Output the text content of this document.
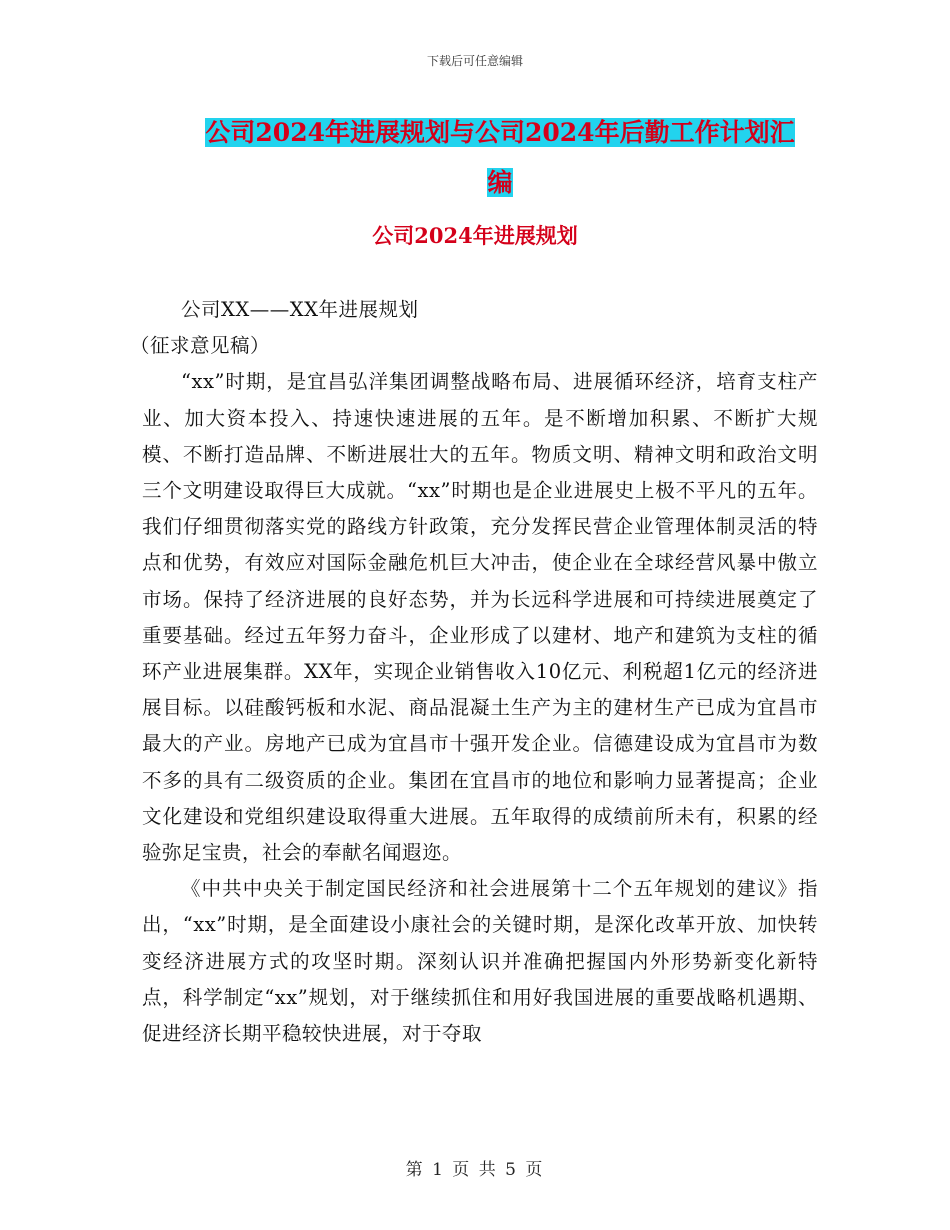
下载后可任意编辑
公司2024年进展规划与公司2024年后勤工作计划汇
编
公司2024年进展规划

公司XX——XX年进展规划

（征求意见稿）

“xx”时期，是宜昌弘洋集团调整战略布局、进展循环经济，培育支柱产业、加大资本投入、持速快速进展的五年。是不断增加积累、不断扩大规模、不断打造品牌、不断进展壮大的五年。物质文明、精神文明和政治文明三个文明建设取得巨大成就。“xx”时期也是企业进展史上极不平凡的五年。我们仔细贯彻落实党的路线方针政策，充分发挥民营企业管理体制灵活的特点和优势，有效应对国际金融危机巨大冲击，使企业在全球经营风暴中傲立市场。保持了经济进展的良好态势，并为长远科学进展和可持续进展奠定了重要基础。经过五年努力奋斗，企业形成了以建材、地产和建筑为支柱的循环产业进展集群。XX年，实现企业销售收入10亿元、利税超1亿元的经济进展目标。以硅酸钙板和水泥、商品混凝土生产为主的建材生产已成为宜昌市最大的产业。房地产已成为宜昌市十强开发企业。信德建设成为宜昌市为数不多的具有二级资质的企业。集团在宜昌市的地位和影响力显著提高；企业文化建设和党组织建设取得重大进展。五年取得的成绩前所未有，积累的经验弥足宝贵，社会的奉献名闻遐迩。

《中共中央关于制定国民经济和社会进展第十二个五年规划的建议》指出，“xx”时期，是全面建设小康社会的关键时期，是深化改革开放、加快转变经济进展方式的攻坚时期。深刻认识并准确把握国内外形势新变化新特点，科学制定“xx”规划，对于继续抓住和用好我国进展的重要战略机遇期、促进经济长期平稳较快进展，对于夺取

第 1 页 共 5 页
